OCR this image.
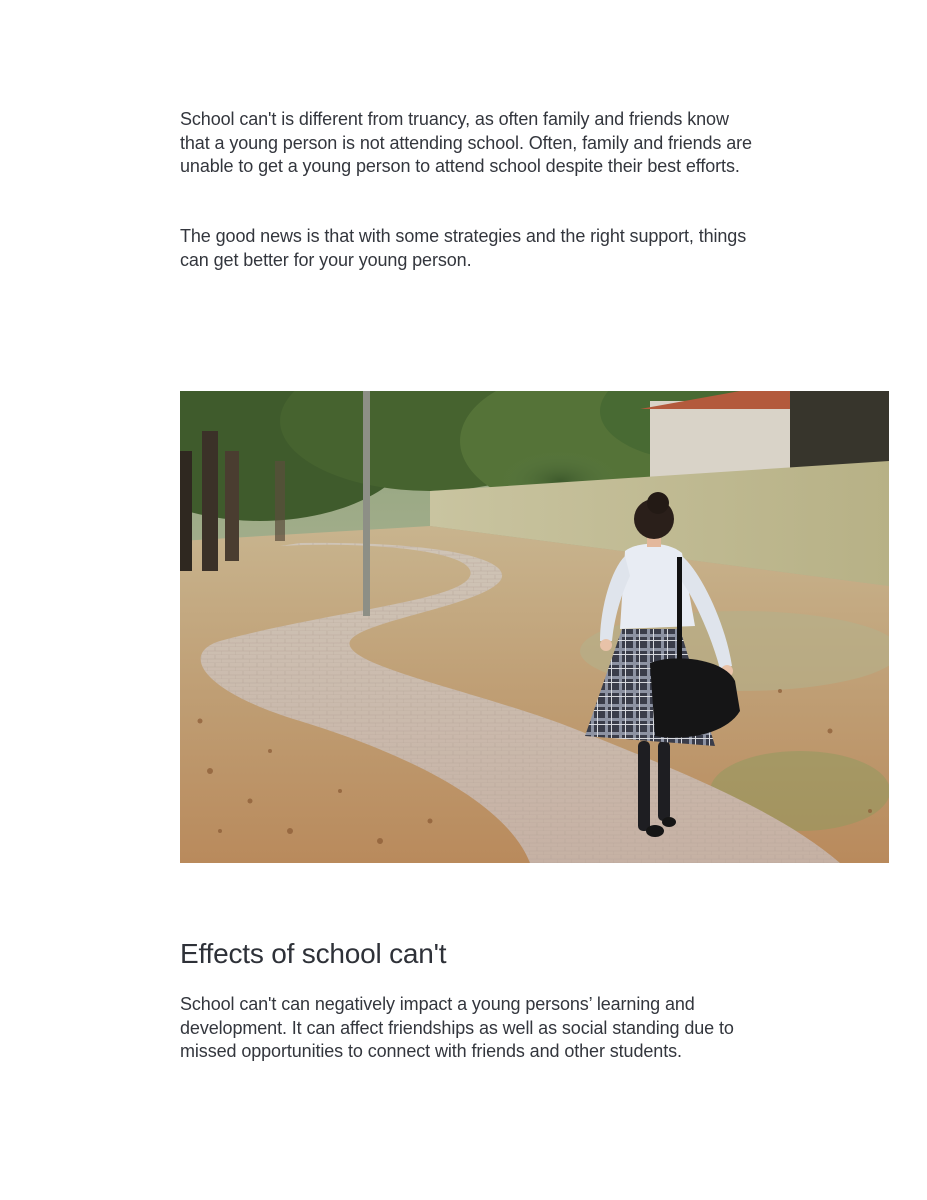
School can't is different from truancy, as often family and friends know that a young person is not attending school. Often, family and friends are unable to get a young person to attend school despite their best efforts.

The good news is that with some strategies and the right support, things can get better for your young person.

Effects of school can't

School can't can negatively impact a young persons’ learning and development. It can affect friendships as well as social standing due to missed opportunities to connect with friends and other students.
